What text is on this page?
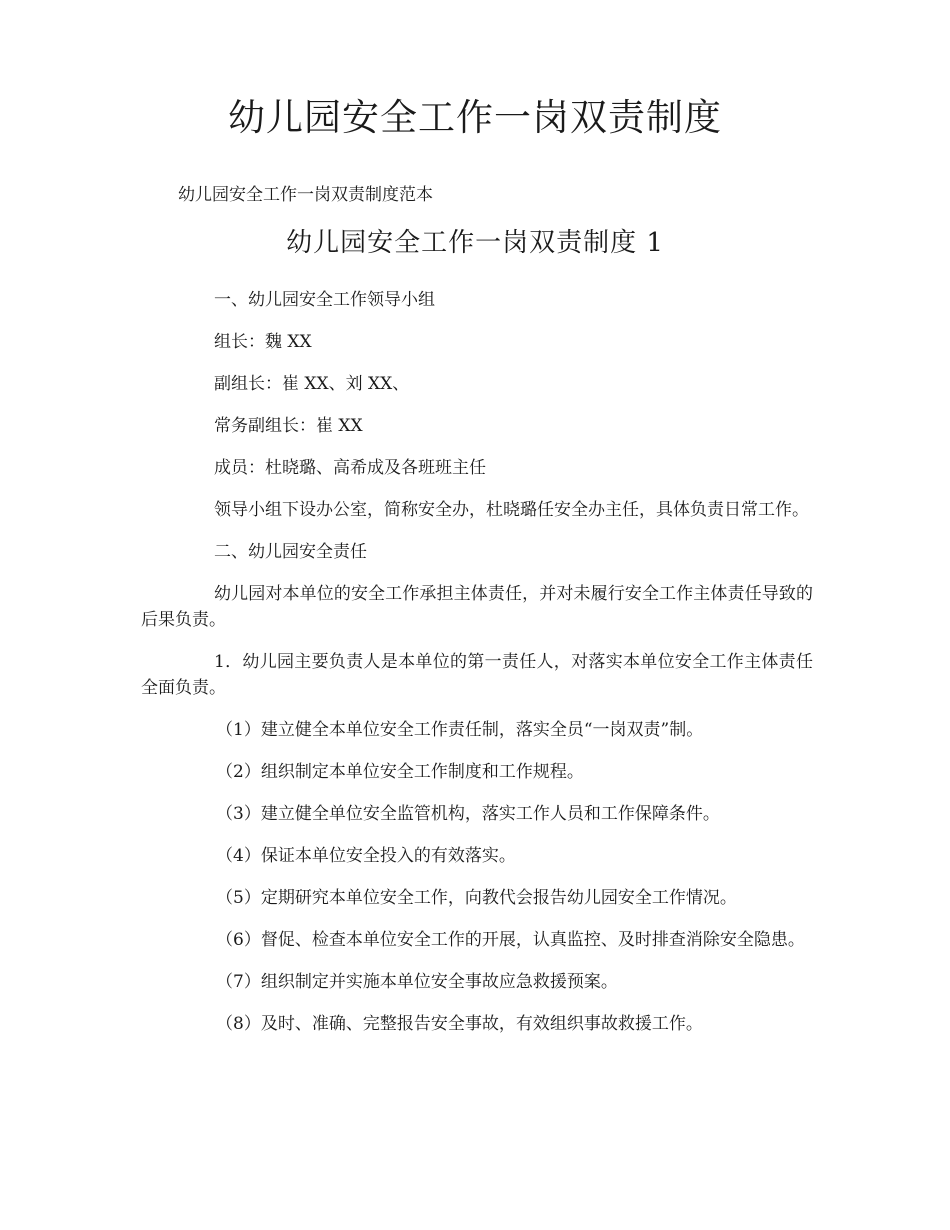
幼儿园安全工作一岗双责制度

幼儿园安全工作一岗双责制度范本

幼儿园安全工作一岗双责制度 1

一、幼儿园安全工作领导小组

组长：魏 XX

副组长：崔 XX、刘 XX、

常务副组长：崔 XX

成员：杜晓璐、高希成及各班班主任

领导小组下设办公室，简称安全办，杜晓璐任安全办主任，具体负责日常工作。

二、幼儿园安全责任

幼儿园对本单位的安全工作承担主体责任，并对未履行安全工作主体责任导致的后果负责。

1．幼儿园主要负责人是本单位的第一责任人，对落实本单位安全工作主体责任全面负责。

（1）建立健全本单位安全工作责任制，落实全员“一岗双责”制。

（2）组织制定本单位安全工作制度和工作规程。

（3）建立健全单位安全监管机构，落实工作人员和工作保障条件。

（4）保证本单位安全投入的有效落实。

（5）定期研究本单位安全工作，向教代会报告幼儿园安全工作情况。

（6）督促、检查本单位安全工作的开展，认真监控、及时排查消除安全隐患。

（7）组织制定并实施本单位安全事故应急救援预案。

（8）及时、准确、完整报告安全事故，有效组织事故救援工作。
